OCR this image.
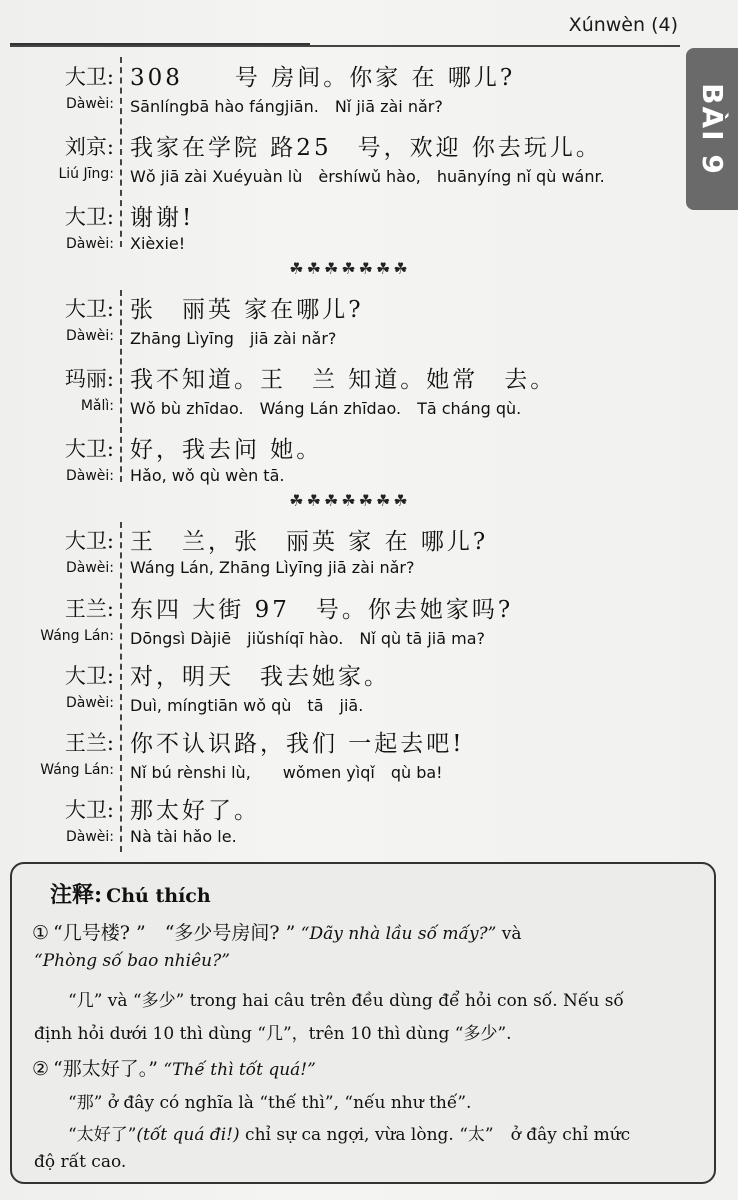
Xúnwèn (4)
BÀI 9
大卫: 308　　号 房间。你家 在 哪儿?
Dàwèi: Sānlíngbā hào fángjiān.　Nǐ jiā zài nǎr?
刘京: 我家在学院 路25　号，欢迎 你去玩儿。
Liú Jīng: Wǒ jiā zài Xuéyuàn lù　èrshíwǔ hào,　huānyíng nǐ qù wánr.
大卫: 谢谢!
Dàwèi: Xièxie!
☘☘☘☘☘☘☘
大卫: 张　丽英 家在哪儿?
Dàwèi: Zhāng Lìyīng　jiā zài nǎr?
玛丽: 我不知道。王　兰 知道。她常　去。
Mǎlì: Wǒ bù zhīdao.　Wáng Lán zhīdao.　Tā cháng qù.
大卫: 好，我去问 她。
Dàwèi: Hǎo, wǒ qù wèn tā.
☘☘☘☘☘☘☘
大卫: 王　兰，张　丽英 家 在 哪儿?
Dàwèi: Wáng Lán, Zhāng Lìyīng jiā zài nǎr?
王兰: 东四 大街 97　号。你去她家吗?
Wáng Lán: Dōngsì Dàjiē　jiǔshíqī hào.　Nǐ qù tā jiā ma?
大卫: 对，明天　我去她家。
Dàwèi: Duì, míngtiān wǒ qù　tā　jiā.
王兰: 你不认识路，我们 一起去吧!
Wáng Lán: Nǐ bú rènshi lù,　　wǒmen yìqǐ　qù ba!
大卫: 那太好了。
Dàwèi: Nà tài hǎo le.
注释: Chú thích
① “几号楼? ”　“多少号房间? ” “Dãy nhà lầu số mấy?” và
“Phòng số bao nhiêu?”
“几” và “多少” trong hai câu trên đều dùng để hỏi con số. Nếu số
định hỏi dưới 10 thì dùng “几”，trên 10 thì dùng “多少”.
② “那太好了。” “Thế thì tốt quá!”
“那” ở đây có nghĩa là “thế thì”, “nếu như thế”.
“太好了”(tốt quá đi!) chỉ sự ca ngợi, vừa lòng. “太”　ở đây chỉ mức
độ rất cao.
